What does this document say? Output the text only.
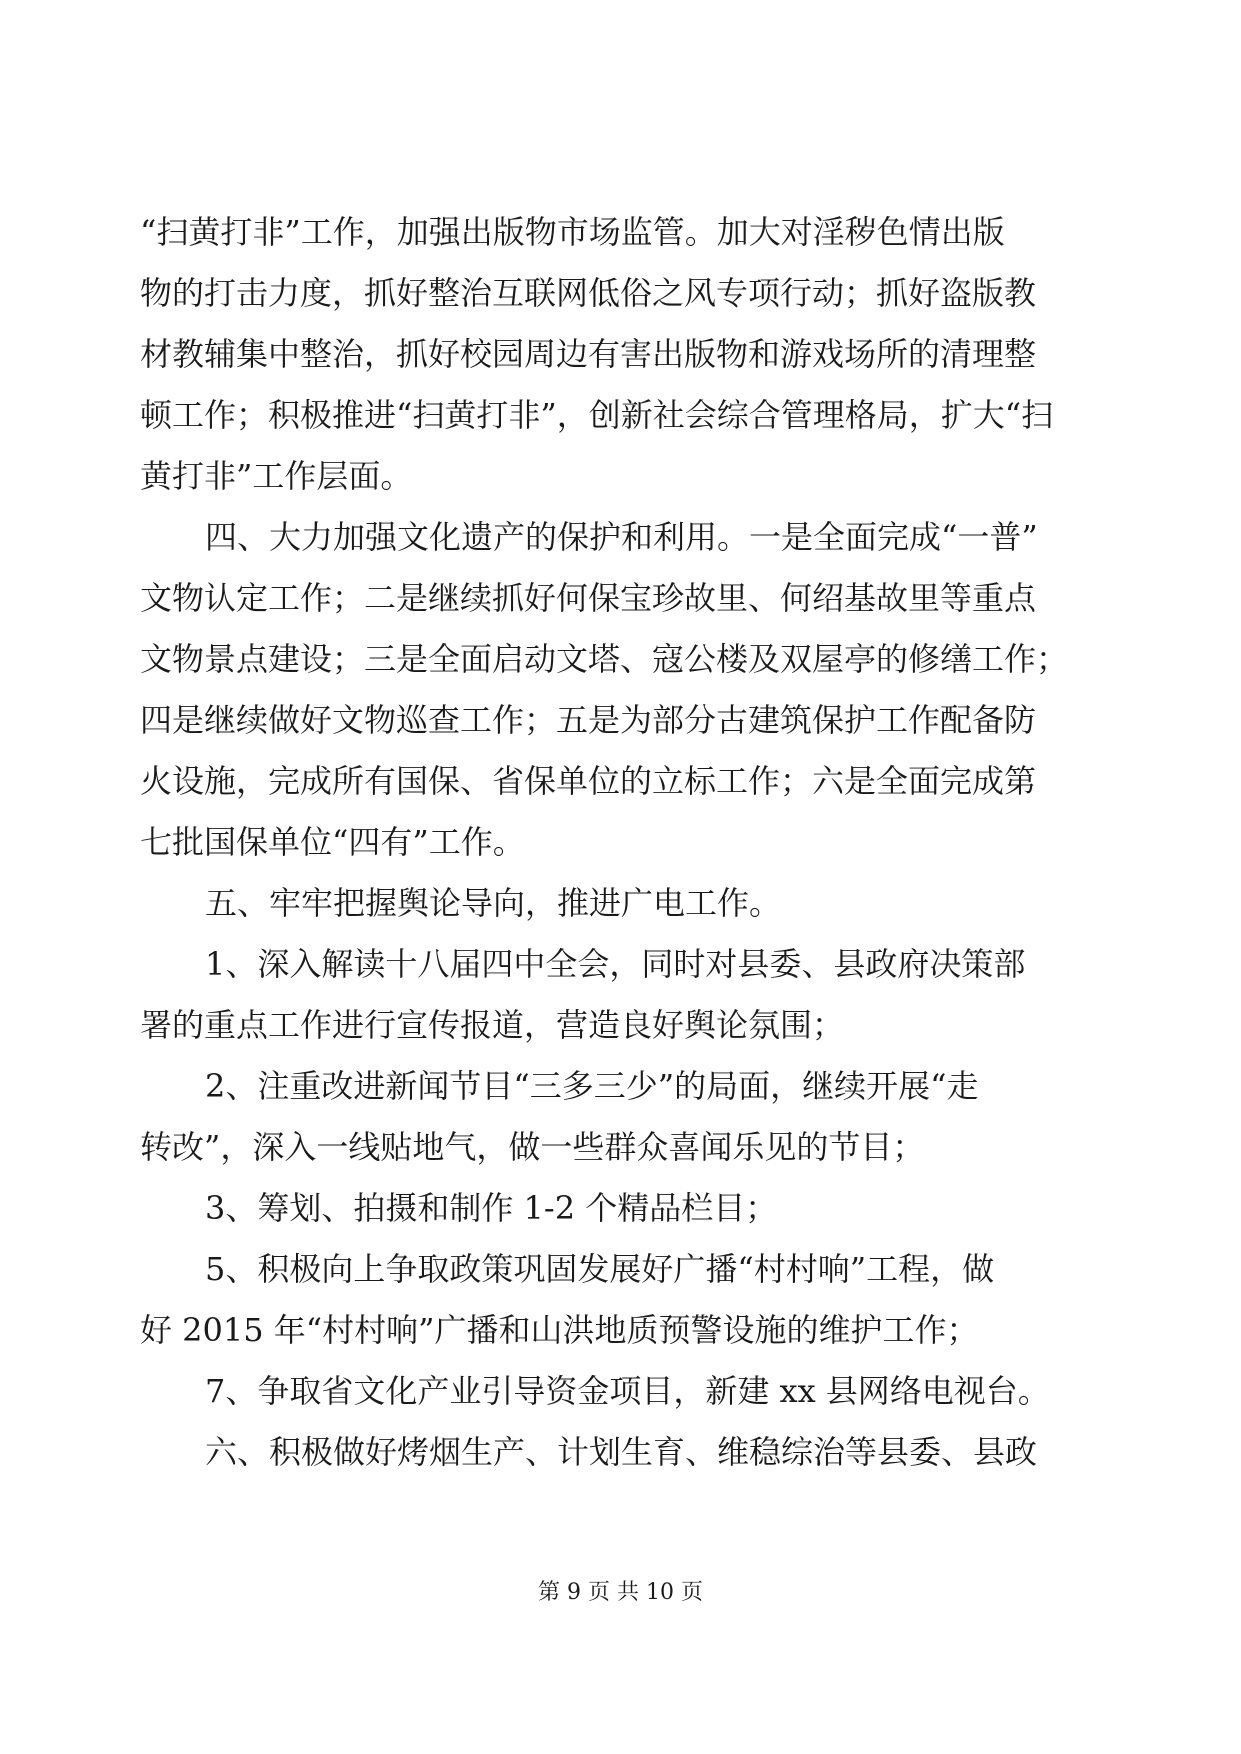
“扫黄打非”工作，加强出版物市场监管。加大对淫秽色情出版
物的打击力度，抓好整治互联网低俗之风专项行动；抓好盗版教
材教辅集中整治，抓好校园周边有害出版物和游戏场所的清理整
顿工作；积极推进“扫黄打非”，创新社会综合管理格局，扩大“扫
黄打非”工作层面。
四、大力加强文化遗产的保护和利用。一是全面完成“一普”
文物认定工作；二是继续抓好何保宝珍故里、何绍基故里等重点
文物景点建设；三是全面启动文塔、寇公楼及双屋亭的修缮工作；
四是继续做好文物巡查工作；五是为部分古建筑保护工作配备防
火设施，完成所有国保、省保单位的立标工作；六是全面完成第
七批国保单位“四有”工作。
五、牢牢把握舆论导向，推进广电工作。
1、深入解读十八届四中全会，同时对县委、县政府决策部
署的重点工作进行宣传报道，营造良好舆论氛围；
2、注重改进新闻节目“三多三少”的局面，继续开展“走
转改”，深入一线贴地气，做一些群众喜闻乐见的节目；
3、筹划、拍摄和制作 1-2 个精品栏目；
5、积极向上争取政策巩固发展好广播“村村响”工程，做
好 2015 年“村村响”广播和山洪地质预警设施的维护工作；
7、争取省文化产业引导资金项目，新建 xx 县网络电视台。
六、积极做好烤烟生产、计划生育、维稳综治等县委、县政
第 9 页 共 10 页
